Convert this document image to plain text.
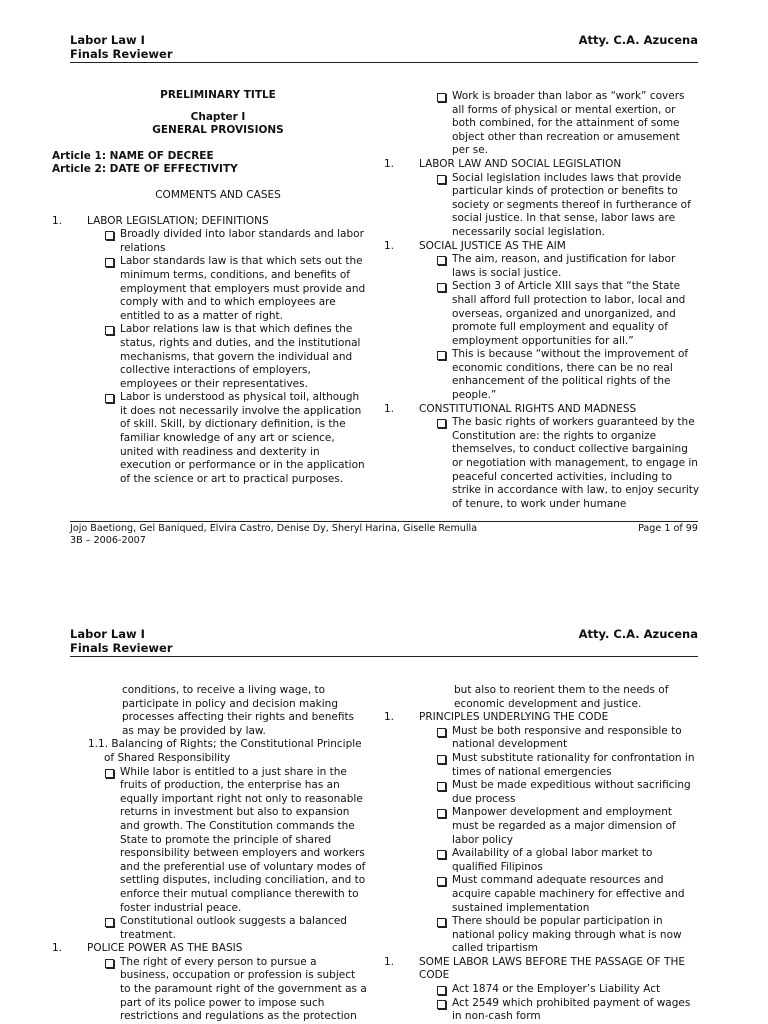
Labor Law I
Finals Reviewer
Atty. C.A. Azucena
PRELIMINARY TITLE
Chapter I
GENERAL PROVISIONS
Article 1: NAME OF DECREE
Article 2: DATE OF EFFECTIVITY
COMMENTS AND CASES
1. LABOR LEGISLATION; DEFINITIONS
Broadly divided into labor standards and labor relations
Labor standards law is that which sets out the minimum terms, conditions, and benefits of employment that employers must provide and comply with and to which employees are entitled to as a matter of right.
Labor relations law is that which defines the status, rights and duties, and the institutional mechanisms, that govern the individual and collective interactions of employers, employees or their representatives.
Labor is understood as physical toil, although it does not necessarily involve the application of skill. Skill, by dictionary definition, is the familiar knowledge of any art or science, united with readiness and dexterity in execution or performance or in the application of the science or art to practical purposes.
Work is broader than labor as “work” covers all forms of physical or mental exertion, or both combined, for the attainment of some object other than recreation or amusement per se.
1. LABOR LAW AND SOCIAL LEGISLATION
Social legislation includes laws that provide particular kinds of protection or benefits to society or segments thereof in furtherance of social justice. In that sense, labor laws are necessarily social legislation.
1. SOCIAL JUSTICE AS THE AIM
The aim, reason, and justification for labor laws is social justice.
Section 3 of Article XIII says that “the State shall afford full protection to labor, local and overseas, organized and unorganized, and promote full employment and equality of employment opportunities for all.”
This is because “without the improvement of economic conditions, there can be no real enhancement of the political rights of the people.”
1. CONSTITUTIONAL RIGHTS AND MADNESS
The basic rights of workers guaranteed by the Constitution are: the rights to organize themselves, to conduct collective bargaining or negotiation with management, to engage in peaceful concerted activities, including to strike in accordance with law, to enjoy security of tenure, to work under humane
Jojo Baetiong, Gel Baniqued, Elvira Castro, Denise Dy, Sheryl Harina, Giselle Remulla
3B – 2006-2007
Page 1 of 99
Labor Law I
Finals Reviewer
Atty. C.A. Azucena
conditions, to receive a living wage, to participate in policy and decision making processes affecting their rights and benefits as may be provided by law.
1.1. Balancing of Rights; the Constitutional Principle of Shared Responsibility
While labor is entitled to a just share in the fruits of production, the enterprise has an equally important right not only to reasonable returns in investment but also to expansion and growth. The Constitution commands the State to promote the principle of shared responsibility between employers and workers and the preferential use of voluntary modes of settling disputes, including conciliation, and to enforce their mutual compliance therewith to foster industrial peace.
Constitutional outlook suggests a balanced treatment.
1. POLICE POWER AS THE BASIS
The right of every person to pursue a business, occupation or profession is subject to the paramount right of the government as a part of its police power to impose such restrictions and regulations as the protection
but also to reorient them to the needs of economic development and justice.
1. PRINCIPLES UNDERLYING THE CODE
Must be both responsive and responsible to national development
Must substitute rationality for confrontation in times of national emergencies
Must be made expeditious without sacrificing due process
Manpower development and employment must be regarded as a major dimension of labor policy
Availability of a global labor market to qualified Filipinos
Must command adequate resources and acquire capable machinery for effective and sustained implementation
There should be popular participation in national policy making through what is now called tripartism
1. SOME LABOR LAWS BEFORE THE PASSAGE OF THE CODE
Act 1874 or the Employer’s Liability Act
Act 2549 which prohibited payment of wages in non-cash form
